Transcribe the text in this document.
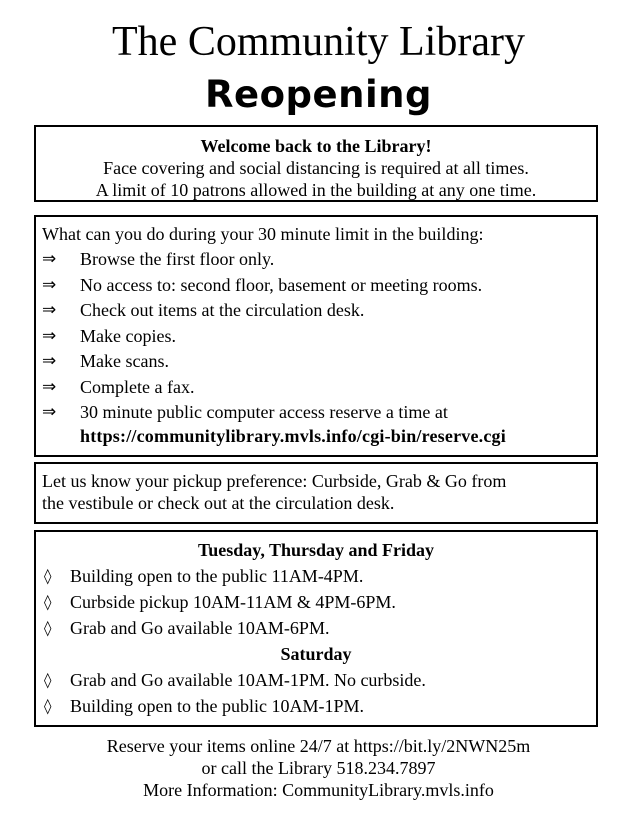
The Community Library
Reopening
Welcome back to the Library!
Face covering and social distancing is required at all times.
A limit of 10 patrons allowed in the building at any one time.
What can you do during your 30 minute limit in the building:
⇒ Browse the first floor only.
⇒ No access to: second floor, basement or meeting rooms.
⇒ Check out items at the circulation desk.
⇒ Make copies.
⇒ Make scans.
⇒ Complete a fax.
⇒ 30 minute public computer access reserve a time at
https://communitylibrary.mvls.info/cgi-bin/reserve.cgi
Let us know your pickup preference: Curbside, Grab & Go from
the vestibule or check out at the circulation desk.
Tuesday, Thursday and Friday
◊ Building open to the public 11AM-4PM.
◊ Curbside pickup 10AM-11AM & 4PM-6PM.
◊ Grab and Go available 10AM-6PM.
Saturday
◊ Grab and Go available 10AM-1PM. No curbside.
◊ Building open to the public 10AM-1PM.
Reserve your items online 24/7 at https://bit.ly/2NWN25m
or call the Library 518.234.7897
More Information: CommunityLibrary.mvls.info
